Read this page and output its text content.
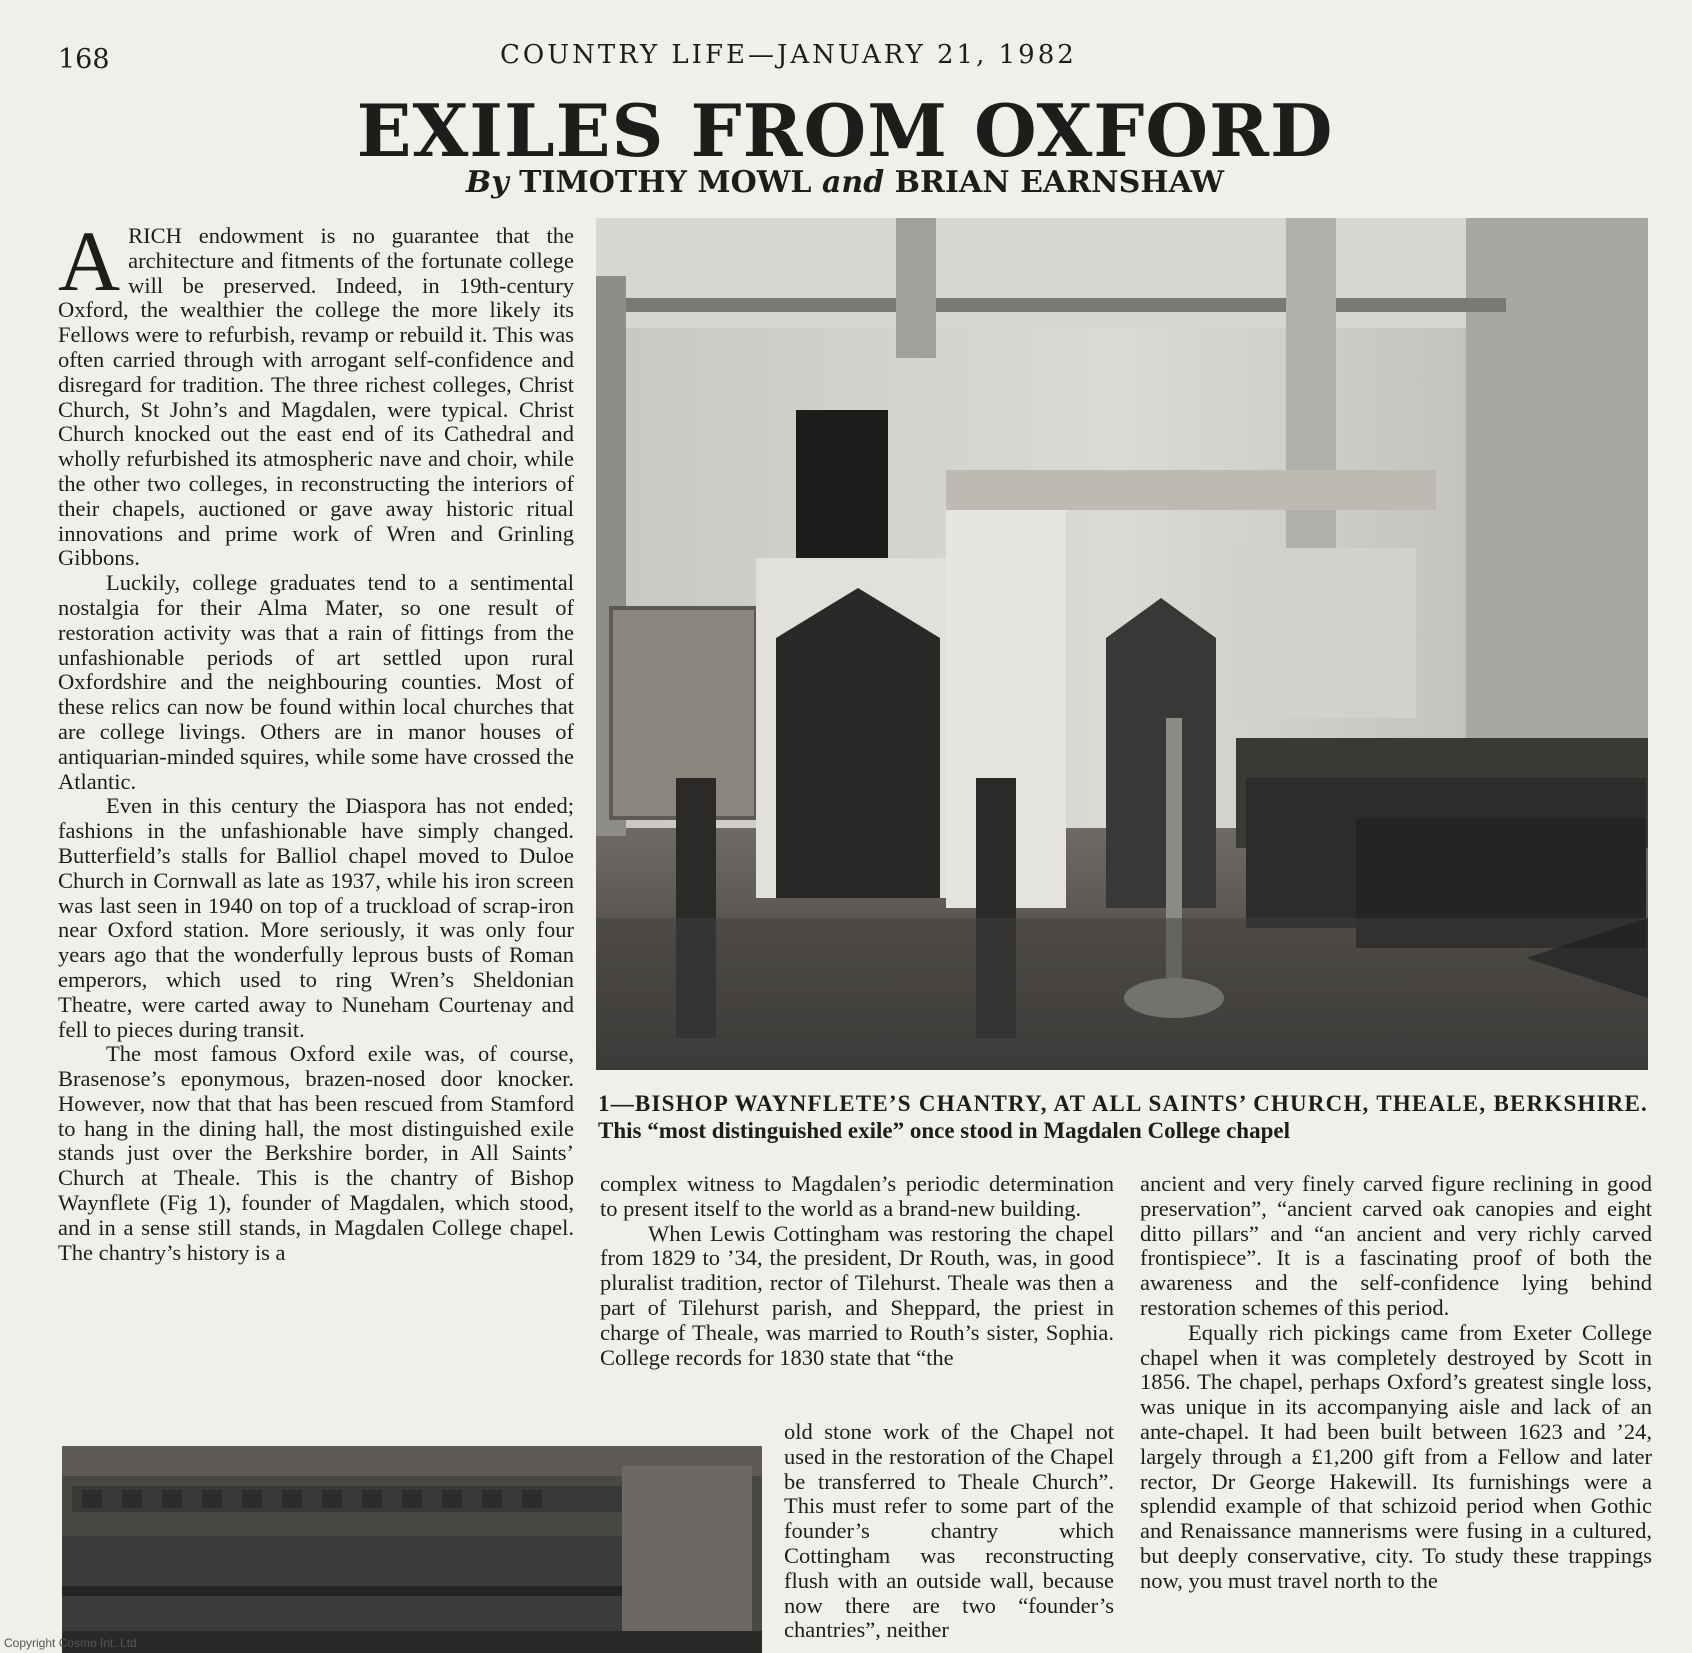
168	COUNTRY LIFE—JANUARY 21, 1982
EXILES FROM OXFORD
By TIMOTHY MOWL and BRIAN EARNSHAW

ARICH endowment is no guarantee that the architecture and fitments of the fortunate college will be preserved. Indeed, in 19th-century Oxford, the wealthier the college the more likely its Fellows were to refurbish, revamp or rebuild it. This was often carried through with arrogant self-confidence and disregard for tradition. The three richest colleges, Christ Church, St John’s and Magdalen, were typical. Christ Church knocked out the east end of its Cathedral and wholly refurbished its atmospheric nave and choir, while the other two colleges, in reconstructing the interiors of their chapels, auctioned or gave away historic ritual innovations and prime work of Wren and Grinling Gibbons.

Luckily, college graduates tend to a sentimental nostalgia for their Alma Mater, so one result of restoration activity was that a rain of fittings from the unfashionable periods of art settled upon rural Oxfordshire and the neighbouring counties. Most of these relics can now be found within local churches that are college livings. Others are in manor houses of antiquarian-minded squires, while some have crossed the Atlantic.

Even in this century the Diaspora has not ended; fashions in the unfashionable have simply changed. Butterfield’s stalls for Balliol chapel moved to Duloe Church in Cornwall as late as 1937, while his iron screen was last seen in 1940 on top of a truckload of scrap-iron near Oxford station. More seriously, it was only four years ago that the wonderfully leprous busts of Roman emperors, which used to ring Wren’s Sheldonian Theatre, were carted away to Nuneham Courtenay and fell to pieces during transit.

The most famous Oxford exile was, of course, Brasenose’s eponymous, brazen-nosed door knocker. However, now that that has been rescued from Stamford to hang in the dining hall, the most distinguished exile stands just over the Berkshire border, in All Saints’ Church at Theale. This is the chantry of Bishop Waynflete (Fig 1), founder of Magdalen, which stood, and in a sense still stands, in Magdalen College chapel. The chantry’s history is a

1—BISHOP WAYNFLETE’S CHANTRY, AT ALL SAINTS’ CHURCH, THEALE, BERKSHIRE. This “most distinguished exile” once stood in Magdalen College chapel

complex witness to Magdalen’s periodic determination to present itself to the world as a brand-new building.

When Lewis Cottingham was restoring the chapel from 1829 to ’34, the president, Dr Routh, was, in good pluralist tradition, rector of Tilehurst. Theale was then a part of Tilehurst parish, and Sheppard, the priest in charge of Theale, was married to Routh’s sister, Sophia. College records for 1830 state that “the

old stone work of the Chapel not used in the restoration of the Chapel be transferred to Theale Church”. This must refer to some part of the founder’s chantry which Cottingham was reconstructing flush with an outside wall, because now there are two “founder’s chantries”, neither

ancient and very finely carved figure reclining in good preservation”, “ancient carved oak canopies and eight ditto pillars” and “an ancient and very richly carved frontispiece”. It is a fascinating proof of both the awareness and the self-confidence lying behind restoration schemes of this period.

Equally rich pickings came from Exeter College chapel when it was completely destroyed by Scott in 1856. The chapel, perhaps Oxford’s greatest single loss, was unique in its accompanying aisle and lack of an ante-chapel. It had been built between 1623 and ’24, largely through a £1,200 gift from a Fellow and later rector, Dr George Hakewill. Its furnishings were a splendid example of that schizoid period when Gothic and Renaissance mannerisms were fusing in a cultured, but deeply conservative, city. To study these trappings now, you must travel north to the

Copyright Cosmo Int. Ltd
